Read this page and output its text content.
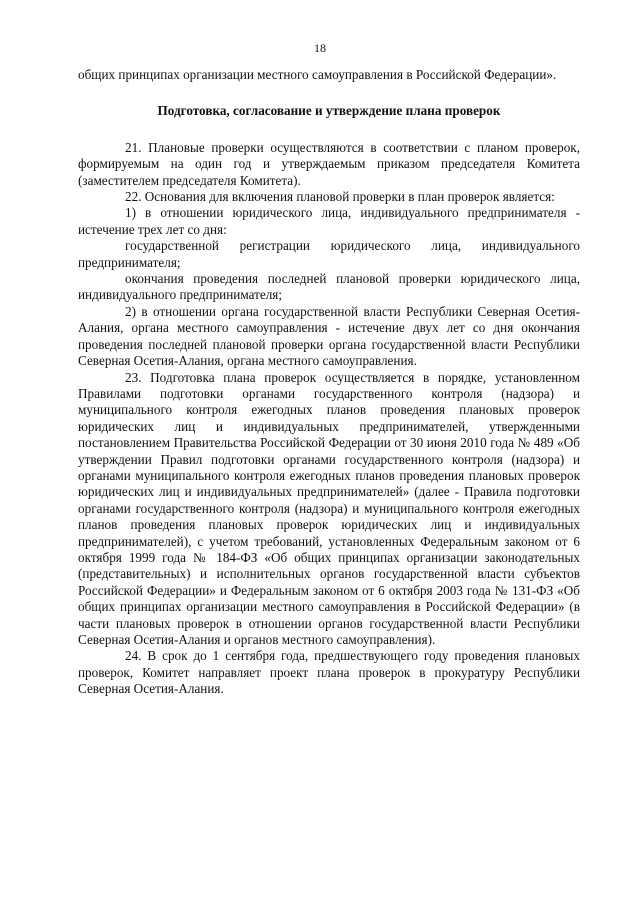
18

общих принципах организации местного самоуправления в Российской Федерации».

Подготовка, согласование и утверждение плана проверок

21. Плановые проверки осуществляются в соответствии с планом проверок, формируемым на один год и утверждаемым приказом председателя Комитета (заместителем председателя Комитета).

22. Основания для включения плановой проверки в план проверок является:

1) в отношении юридического лица, индивидуального предпринимателя - истечение трех лет со дня:

государственной регистрации юридического лица, индивидуального предпринимателя;

окончания проведения последней плановой проверки юридического лица, индивидуального предпринимателя;

2) в отношении органа государственной власти Республики Северная Осетия-Алания, органа местного самоуправления - истечение двух лет со дня окончания проведения последней плановой проверки органа государственной власти Республики Северная Осетия-Алания, органа местного самоуправления.

23. Подготовка плана проверок осуществляется в порядке, установленном Правилами подготовки органами государственного контроля (надзора) и муниципального контроля ежегодных планов проведения плановых проверок юридических лиц и индивидуальных предпринимателей, утвержденными постановлением Правительства Российской Федерации от 30 июня 2010 года № 489 «Об утверждении Правил подготовки органами государственного контроля (надзора) и органами муниципального контроля ежегодных планов проведения плановых проверок юридических лиц и индивидуальных предпринимателей» (далее - Правила подготовки органами государственного контроля (надзора) и муниципального контроля ежегодных планов проведения плановых проверок юридических лиц и индивидуальных предпринимателей), с учетом требований, установленных Федеральным законом от 6 октября 1999 года № 184-ФЗ «Об общих принципах организации законодательных (представительных) и исполнительных органов государственной власти субъектов Российской Федерации» и Федеральным законом от 6 октября 2003 года № 131-ФЗ «Об общих принципах организации местного самоуправления в Российской Федерации» (в части плановых проверок в отношении органов государственной власти Республики Северная Осетия-Алания и органов местного самоуправления).

24. В срок до 1 сентября года, предшествующего году проведения плановых проверок, Комитет направляет проект плана проверок в прокуратуру Республики Северная Осетия-Алания.
